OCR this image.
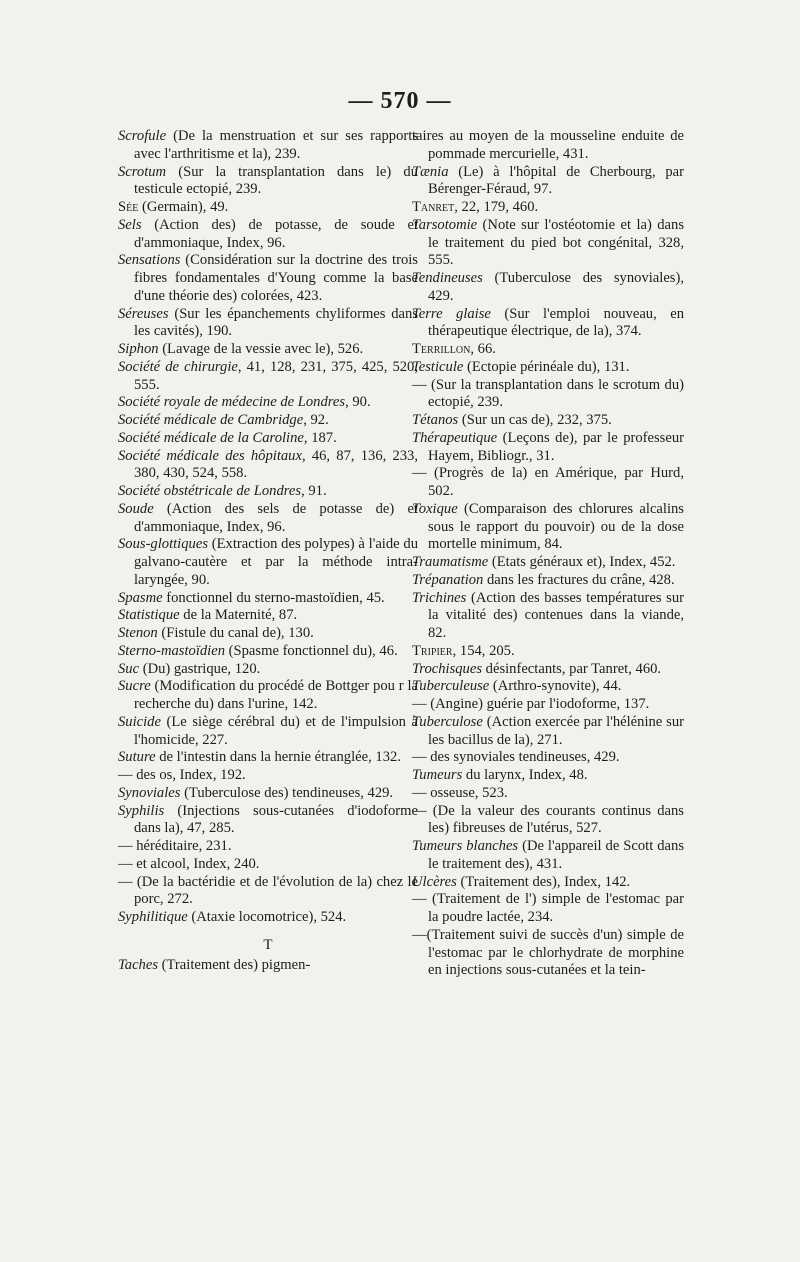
— 570 —

Scrofule (De la menstruation et sur ses rapports avec l'arthritisme et la), 239.

Scrotum (Sur la transplantation dans le) du testicule ectopié, 239.

Sée (Germain), 49.

Sels (Action des) de potasse, de soude et d'ammoniaque, Index, 96.

Sensations (Considération sur la doctrine des trois fibres fondamentales d'Young comme la base d'une théorie des) colorées, 423.

Séreuses (Sur les épanchements chyliformes dans les cavités), 190.

Siphon (Lavage de la vessie avec le), 526.

Société de chirurgie, 41, 128, 231, 375, 425, 520, 555.

Société royale de médecine de Londres, 90.

Société médicale de Cambridge, 92.

Société médicale de la Caroline, 187.

Société médicale des hôpitaux, 46, 87, 136, 233, 380, 430, 524, 558.

Société obstétricale de Londres, 91.

Soude (Action des sels de potasse de) et d'ammoniaque, Index, 96.

Sous-glottiques (Extraction des polypes) à l'aide du galvano-cautère et par la méthode intra-laryngée, 90.

Spasme fonctionnel du sterno-mastoïdien, 45.

Statistique de la Maternité, 87.

Stenon (Fistule du canal de), 130.

Sterno-mastoïdien (Spasme fonctionnel du), 46.

Suc (Du) gastrique, 120.

Sucre (Modification du procédé de Bottger pou r la recherche du) dans l'urine, 142.

Suicide (Le siège cérébral du) et de l'impulsion à l'homicide, 227.

Suture de l'intestin dans la hernie étranglée, 132.

— des os, Index, 192.

Synoviales (Tuberculose des) tendineuses, 429.

Syphilis (Injections sous-cutanées d'iodoforme dans la), 47, 285.

— héréditaire, 231.

— et alcool, Index, 240.

— (De la bactéridie et de l'évolution de la) chez le porc, 272.

Syphilitique (Ataxie locomotrice), 524.

T

Taches (Traitement des) pigmen-

taires au moyen de la mousseline enduite de pommade mercurielle, 431.

Tænia (Le) à l'hôpital de Cherbourg, par Bérenger-Féraud, 97.

Tanret, 22, 179, 460.

Tarsotomie (Note sur l'ostéotomie et la) dans le traitement du pied bot congénital, 328, 555.

Tendineuses (Tuberculose des synoviales), 429.

Terre glaise (Sur l'emploi nouveau, en thérapeutique électrique, de la), 374.

Terrillon, 66.

Testicule (Ectopie périnéale du), 131.

— (Sur la transplantation dans le scrotum du) ectopié, 239.

Tétanos (Sur un cas de), 232, 375.

Thérapeutique (Leçons de), par le professeur Hayem, Bibliogr., 31.

— (Progrès de la) en Amérique, par Hurd, 502.

Toxique (Comparaison des chlorures alcalins sous le rapport du pouvoir) ou de la dose mortelle minimum, 84.

Traumatisme (Etats généraux et), Index, 452.

Trépanation dans les fractures du crâne, 428.

Trichines (Action des basses températures sur la vitalité des) contenues dans la viande, 82.

Tripier, 154, 205.

Trochisques désinfectants, par Tanret, 460.

Tuberculeuse (Arthro-synovite), 44.

— (Angine) guérie par l'iodoforme, 137.

Tuberculose (Action exercée par l'hélénine sur les bacillus de la), 271.

— des synoviales tendineuses, 429.

Tumeurs du larynx, Index, 48.

— osseuse, 523.

— (De la valeur des courants continus dans les) fibreuses de l'utérus, 527.

Tumeurs blanches (De l'appareil de Scott dans le traitement des), 431.

Ulcères (Traitement des), Index, 142.

— (Traitement de l') simple de l'estomac par la poudre lactée, 234.

—(Traitement suivi de succès d'un) simple de l'estomac par le chlorhydrate de morphine en injections sous-cutanées et la tein-
